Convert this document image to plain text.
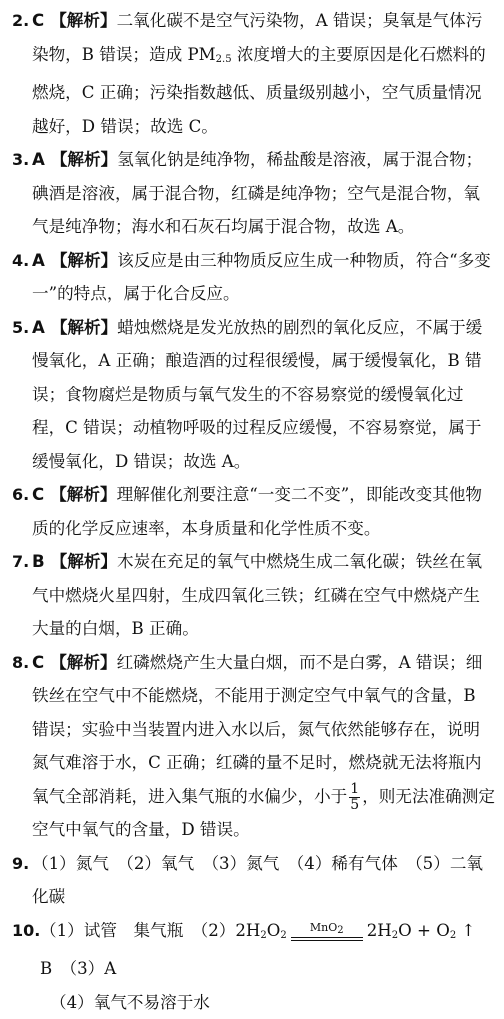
2. C 【解析】二氧化碳不是空气污染物，A 错误；臭氧是气体污染物，B 错误；造成 $PM_{2.5}$ 浓度增大的主要原因是化石燃料的燃烧，C 正确；污染指数越低、质量级别越小，空气质量情况越好，D 错误；故选 C。
3. A 【解析】氢氧化钠是纯净物，稀盐酸是溶液，属于混合物；碘酒是溶液，属于混合物，红磷是纯净物；空气是混合物，氧气是纯净物；海水和石灰石均属于混合物，故选 A。
4. A 【解析】该反应是由三种物质反应生成一种物质，符合“多变一”的特点，属于化合反应。
5. A 【解析】蜡烛燃烧是发光放热的剧烈的氧化反应，不属于缓慢氧化，A 正确；酿造酒的过程很缓慢，属于缓慢氧化，B 错误；食物腐烂是物质与氧气发生的不容易察觉的缓慢氧化过程，C 错误；动植物呼吸的过程反应缓慢，不容易察觉，属于缓慢氧化，D 错误；故选 A。
6. C 【解析】理解催化剂要注意“一变二不变”，即能改变其他物质的化学反应速率，本身质量和化学性质不变。
7. B 【解析】木炭在充足的氧气中燃烧生成二氧化碳；铁丝在氧气中燃烧火星四射，生成四氧化三铁；红磷在空气中燃烧产生大量的白烟，B 正确。
8. C 【解析】红磷燃烧产生大量白烟，而不是白雾，A 错误；细铁丝在空气中不能燃烧，不能用于测定空气中氧气的含量，B 错误；实验中当装置内进入水以后，氮气依然能够存在，说明氮气难溶于水，C 正确；红磷的量不足时，燃烧就无法将瓶内氧气全部消耗，进入集气瓶的水偏少，小于 $\frac{1}{5}$ ，则无法准确测定空气中氧气的含量，D 错误。
9. （1）氮气　（2）氧气　（3）氮气　（4）稀有气体　（5）二氧化碳
10. （1）试管　集气瓶　$(2)2H_2O_2$
MnO2 $2H_2O + O_2$ ↑　B　（3）A
（4）氧气不易溶于水
